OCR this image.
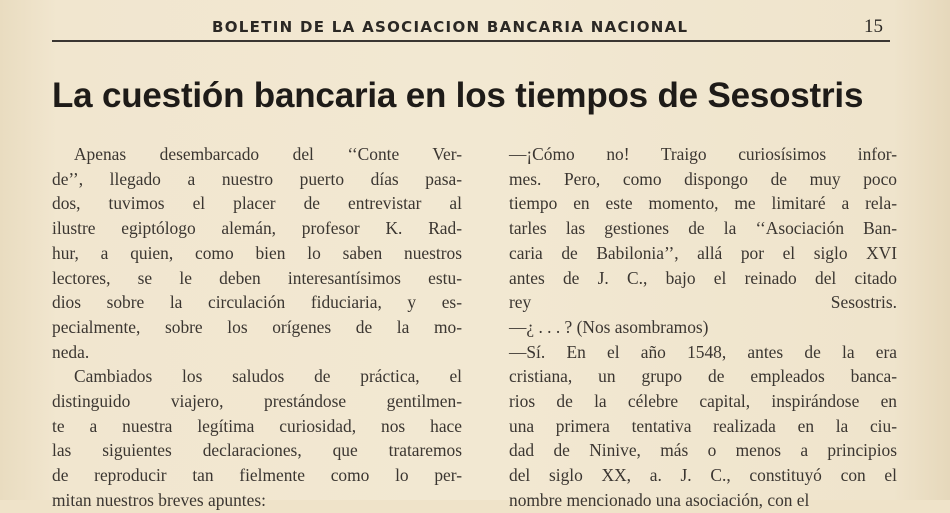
BOLETIN DE LA ASOCIACION BANCARIA NACIONAL	15
La cuestión bancaria en los tiempos de Sesostris

Apenas desembarcado del ‘‘Conte Ver-
de’’, llegado a nuestro puerto días pasa-
dos, tuvimos el placer de entrevistar al
ilustre egiptólogo alemán, profesor K. Rad-
hur, a quien, como bien lo saben nuestros
lectores, se le deben interesantísimos estu-
dios sobre la circulación fiduciaria, y es-
pecialmente, sobre los orígenes de la mo-
neda.

Cambiados los saludos de práctica, el
distinguido viajero, prestándose gentilmen-
te a nuestra legítima curiosidad, nos hace
las siguientes declaraciones, que trataremos
de reproducir tan fielmente como lo per-
mitan nuestros breves apuntes:

—¡Cómo no! Traigo curiosísimos infor-
mes. Pero, como dispongo de muy poco
tiempo en este momento, me limitaré a rela-
tarles las gestiones de la ‘‘Asociación Ban-
caria de Babilonia’’, allá por el siglo XVI
antes de J. C., bajo el reinado del citado
rey Sesostris.

—¿ . . . ? (Nos asombramos)

—Sí. En el año 1548, antes de la era
cristiana, un grupo de empleados banca-
rios de la célebre capital, inspirándose en
una primera tentativa realizada en la ciu-
dad de Ninive, más o menos a principios
del siglo XX, a. J. C., constituyó con el
nombre mencionado una asociación, con el
